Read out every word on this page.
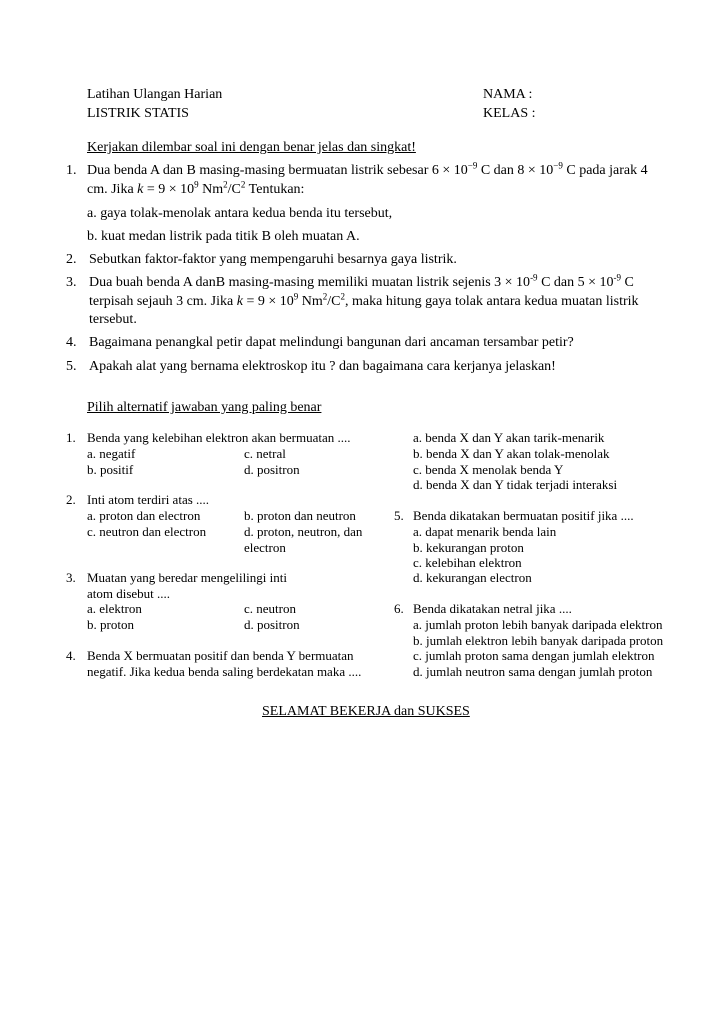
Latihan Ulangan Harian
LISTRIK STATIS
NAMA :
KELAS :
Kerjakan dilembar soal ini dengan benar jelas dan singkat!
1. Dua benda A dan B masing-masing bermuatan listrik sebesar $6 \times 10^{-9}$ C dan $8 \times 10^{-9}$ C pada jarak 4
cm. Jika $k = 9 \times 10^9$ $Nm^2/C^2$ Tentukan:
a. gaya tolak-menolak antara kedua benda itu tersebut,
b. kuat medan listrik pada titik B oleh muatan A.
2. Sebutkan faktor-faktor yang mempengaruhi besarnya gaya listrik.
3. Dua buah benda A danB masing-masing memiliki muatan listrik sejenis $3 \times 10^{-9}$ C dan $5 \times 10^{-9}$ C
terpisah sejauh 3 cm. Jika $k = 9 \times 10^9$ $Nm^2/C^2$, maka hitung gaya tolak antara kedua muatan listrik
tersebut.
4. Bagaimana penangkal petir dapat melindungi bangunan dari ancaman tersambar petir?
5. Apakah alat yang bernama elektroskop itu ? dan bagaimana cara kerjanya jelaskan!
Pilih alternatif jawaban yang paling benar
1. Benda yang kelebihan elektron akan bermuatan ....
a. negatif	c. netral
b. positif	d. positron
2. Inti atom terdiri atas ....
a. proton dan electron	b. proton dan neutron
c. neutron dan electron	d. proton, neutron, dan
electron
3. Muatan yang beredar mengelilingi inti
atom disebut ....
a. elektron	c. neutron
b. proton	d. positron
4. Benda X bermuatan positif dan benda Y bermuatan
negatif. Jika kedua benda saling berdekatan maka ....
a. benda X dan Y akan tarik-menarik
b. benda X dan Y akan tolak-menolak
c. benda X menolak benda Y
d. benda X dan Y tidak terjadi interaksi
5. Benda dikatakan bermuatan positif jika ....
a. dapat menarik benda lain
b. kekurangan proton
c. kelebihan elektron
d. kekurangan electron
6. Benda dikatakan netral jika ....
a. jumlah proton lebih banyak daripada elektron
b. jumlah elektron lebih banyak daripada proton
c. jumlah proton sama dengan jumlah elektron
d. jumlah neutron sama dengan jumlah proton
SELAMAT BEKERJA dan SUKSES
